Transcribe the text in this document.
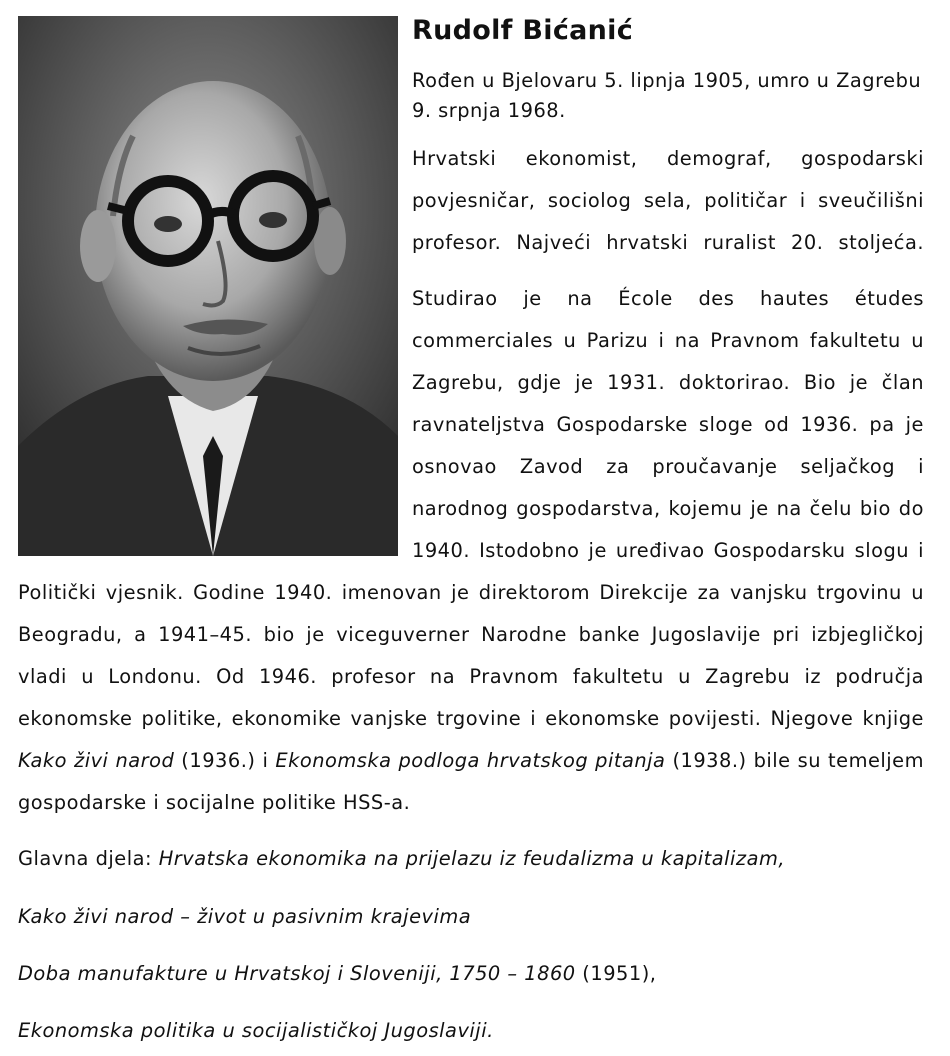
Rudolf Bićanić

Rođen u Bjelovaru 5. lipnja 1905, umro u Zagrebu 9. srpnja 1968.

Hrvatski ekonomist, demograf, gospodarski povjesničar, sociolog sela, političar i sveučilišni profesor. Najveći hrvatski ruralist 20. stoljeća.

Studirao je na École des hautes études commerciales u Parizu i na Pravnom fakultetu u Zagrebu, gdje je 1931. doktorirao. Bio je član ravnateljstva Gospodarske sloge od 1936. pa je osnovao Zavod za proučavanje seljačkog i narodnog gospodarstva, kojemu je na čelu bio do 1940. Istodobno je uređivao Gospodarsku slogu i Politički vjesnik. Godine 1940. imenovan je direktorom Direkcije za vanjsku trgovinu u Beogradu, a 1941–45. bio je viceguverner Narodne banke Jugoslavije pri izbjegličkoj vladi u Londonu. Od 1946. profesor na Pravnom fakultetu u Zagrebu iz područja ekonomske politike, ekonomike vanjske trgovine i ekonomske povijesti. Njegove knjige Kako živi narod (1936.) i Ekonomska podloga hrvatskog pitanja (1938.) bile su temeljem gospodarske i socijalne politike HSS-a.

Glavna djela: Hrvatska ekonomika na prijelazu iz feudalizma u kapitalizam,

Kako živi narod – život u pasivnim krajevima

Doba manufakture u Hrvatskoj i Sloveniji, 1750 – 1860 (1951),

Ekonomska politika u socijalističkoj Jugoslaviji.
